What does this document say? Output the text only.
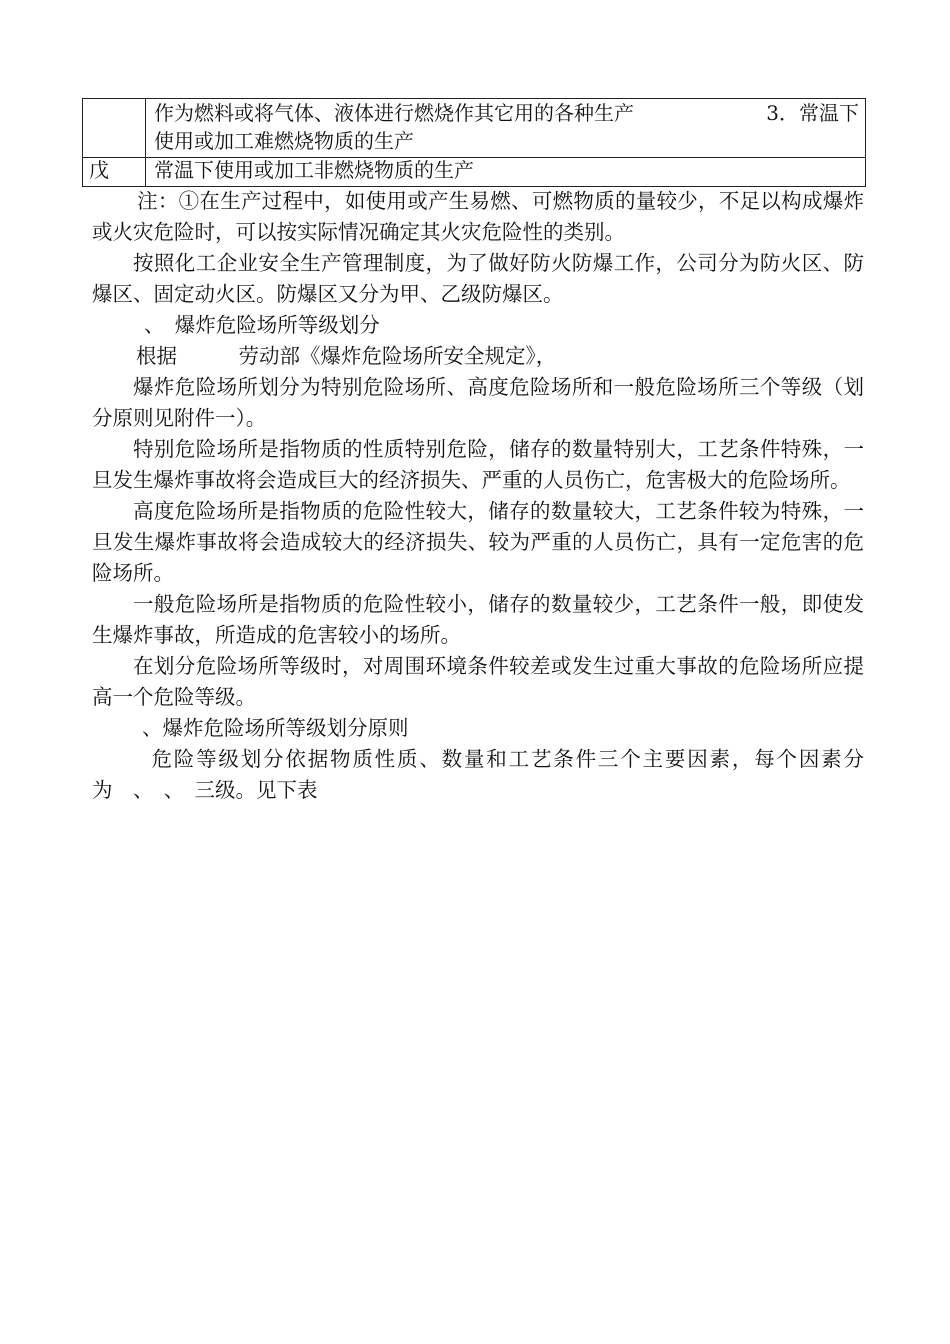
	作为燃料或将气体、液体进行燃烧作其它用的各种生产 3．常温下
使用或加工难燃烧物质的生产

戊	常温下使用或加工非燃烧物质的生产

注：①在生产过程中，如使用或产生易燃、可燃物质的量较少，不足以构成爆炸或火灾危险时，可以按实际情况确定其火灾危险性的类别。

按照化工企业安全生产管理制度，为了做好防火防爆工作，公司分为防火区、防爆区、固定动火区。防爆区又分为甲、乙级防爆区。

、　爆炸危险场所等级划分

根据　　　劳动部《爆炸危险场所安全规定》，

爆炸危险场所划分为特别危险场所、高度危险场所和一般危险场所三个等级（划分原则见附件一）。

特别危险场所是指物质的性质特别危险，储存的数量特别大，工艺条件特殊，一旦发生爆炸事故将会造成巨大的经济损失、严重的人员伤亡，危害极大的危险场所。

高度危险场所是指物质的危险性较大，储存的数量较大，工艺条件较为特殊，一旦发生爆炸事故将会造成较大的经济损失、较为严重的人员伤亡，具有一定危害的危险场所。

一般危险场所是指物质的危险性较小，储存的数量较少，工艺条件一般，即使发生爆炸事故，所造成的危害较小的场所。

在划分危险场所等级时，对周围环境条件较差或发生过重大事故的危险场所应提高一个危险等级。

、爆炸危险场所等级划分原则

危险等级划分依据物质性质、数量和工艺条件三个主要因素，每个因素分为　、　、　三级。见下表
